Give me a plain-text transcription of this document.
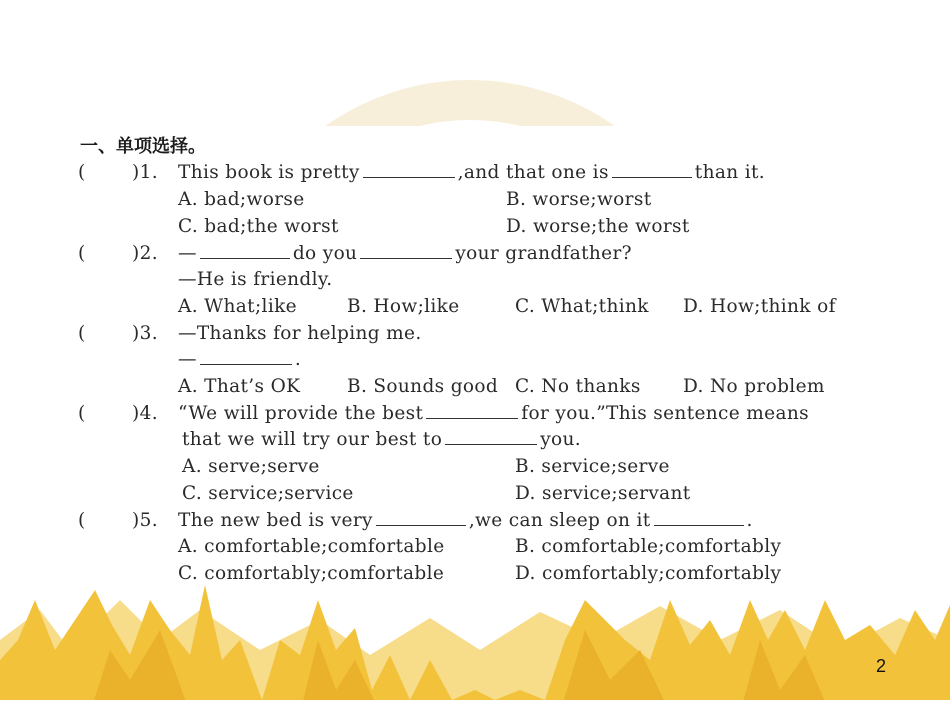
一、单项选择。
(	)1. This book is pretty	,and that one is	than it.
A. bad;worse	B. worse;worst
C. bad;the worst	D. worse;the worst
(	)2. —	do you	your grandfather?
—He is friendly.
A. What;like	B. How;like	C. What;think D. How;think of
(	)3. —Thanks for helping me.
—	.
A. That’s OK	B. Sounds good C. No thanks D. No problem
(	)4. “We will provide the best	for you.”This sentence means
that we will try our best to	you.
A. serve;serve	B. service;serve
C. service;service	D. service;servant
(	)5. The new bed is very	,we can sleep on it	.
A. comfortable;comfortable	B. comfortable;comfortably
C. comfortably;comfortable	D. comfortably;comfortably
2
